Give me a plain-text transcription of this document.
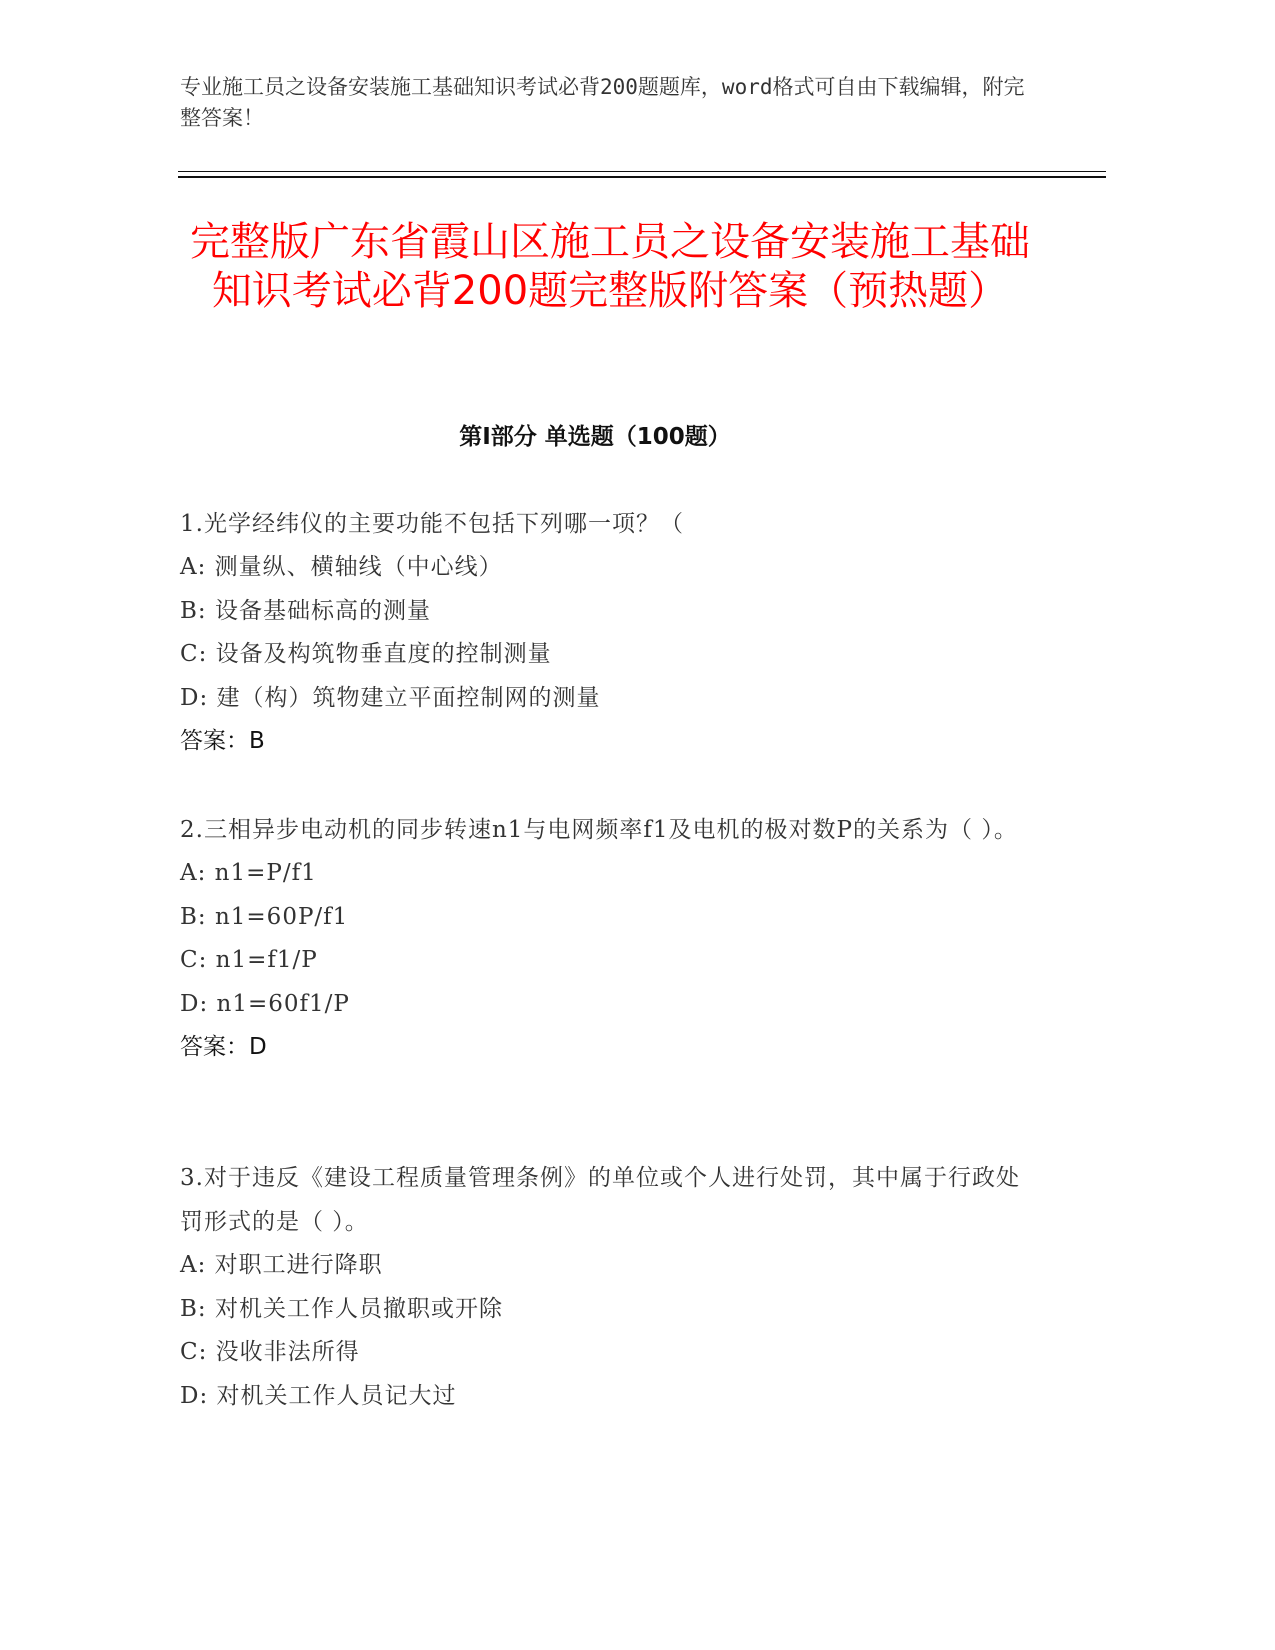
专业施工员之设备安装施工基础知识考试必背200题题库，word格式可自由下载编辑，附完整答案！
完整版广东省霞山区施工员之设备安装施工基础知识考试必背200题完整版附答案（预热题）
第I部分 单选题（100题）

1.光学经纬仪的主要功能不包括下列哪一项？（

A: 测量纵、横轴线（中心线）

B: 设备基础标高的测量

C: 设备及构筑物垂直度的控制测量

D: 建（构）筑物建立平面控制网的测量

答案：B

2.三相异步电动机的同步转速n1与电网频率f1及电机的极对数P的关系为（ ）。

A: n1=P/f1

B: n1=60P/f1

C: n1=f1/P

D: n1=60f1/P

答案：D

3.对于违反《建设工程质量管理条例》的单位或个人进行处罚，其中属于行政处罚形式的是（ ）。

A: 对职工进行降职

B: 对机关工作人员撤职或开除

C: 没收非法所得

D: 对机关工作人员记大过
